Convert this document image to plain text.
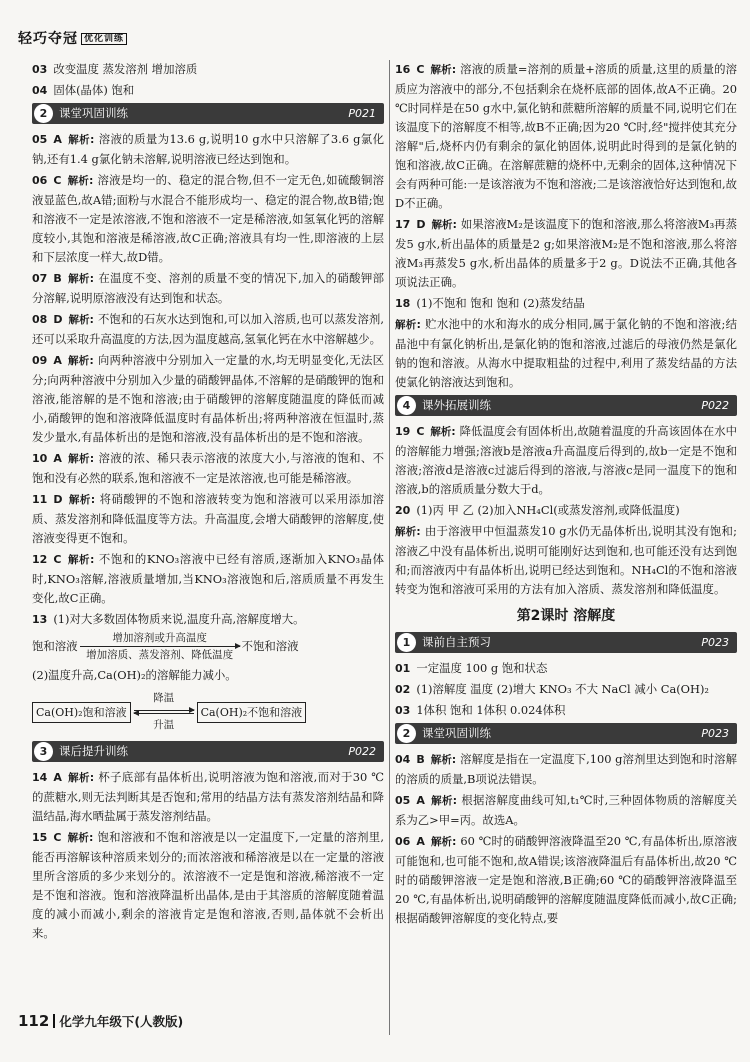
轻巧夺冠 $^{优化训练}$

03 改变温度 蒸发溶剂 增加溶质

04 固体(晶体) 饱和

2	课堂巩固训练	P021

05 A 解析: 溶液的质量为13.6 g,说明10 g水中只溶解了3.6 g氯化钠,还有1.4 g氯化钠未溶解,说明溶液已经达到饱和。

06 C 解析: 溶液是均一的、稳定的混合物,但不一定无色,如硫酸铜溶液显蓝色,故A错;面粉与水混合不能形成均一、稳定的混合物,故B错;饱和溶液不一定是浓溶液,不饱和溶液不一定是稀溶液,如氢氧化钙的溶解度较小,其饱和溶液是稀溶液,故C正确;溶液具有均一性,即溶液的上层和下层浓度一样大,故D错。

07 B 解析: 在温度不变、溶剂的质量不变的情况下,加入的硝酸钾部分溶解,说明原溶液没有达到饱和状态。

08 D 解析: 不饱和的石灰水达到饱和,可以加入溶质,也可以蒸发溶剂,还可以采取升高温度的方法,因为温度越高,氢氧化钙在水中溶解越少。

09 A 解析: 向两种溶液中分别加入一定量的水,均无明显变化,无法区分;向两种溶液中分别加入少量的硝酸钾晶体,不溶解的是硝酸钾的饱和溶液,能溶解的是不饱和溶液;由于硝酸钾的溶解度随温度的降低而减小,硝酸钾的饱和溶液降低温度时有晶体析出;将两种溶液在恒温时,蒸发少量水,有晶体析出的是饱和溶液,没有晶体析出的是不饱和溶液。

10 A 解析: 溶液的浓、稀只表示溶液的浓度大小,与溶液的饱和、不饱和没有必然的联系,饱和溶液不一定是浓溶液,也可能是稀溶液。

11 D 解析: 将硝酸钾的不饱和溶液转变为饱和溶液可以采用添加溶质、蒸发溶剂和降低温度等方法。升高温度,会增大硝酸钾的溶解度,使溶液变得更不饱和。

12 C 解析: 不饱和的KNO₃溶液中已经有溶质,逐渐加入KNO₃晶体时,KNO₃溶解,溶液质量增加,当KNO₃溶液饱和后,溶质质量不再发生变化,故C正确。

13 (1)对大多数固体物质来说,温度升高,溶解度增大。

饱和溶液
增加溶剂或升高温度
增加溶质、蒸发溶剂、降低温度
不饱和溶液

(2)温度升高,Ca(OH)₂的溶解能力减小。

Ca(OH)₂饱和溶液
降温
升温
Ca(OH)₂不饱和溶液
3	课后提升训练	P022

14 A 解析: 杯子底部有晶体析出,说明溶液为饱和溶液,而对于30 ℃的蔗糖水,则无法判断其是否饱和;常用的结晶方法有蒸发溶剂结晶和降温结晶,海水晒盐属于蒸发溶剂结晶。

15 C 解析: 饱和溶液和不饱和溶液是以一定温度下,一定量的溶剂里,能否再溶解该种溶质来划分的;而浓溶液和稀溶液是以在一定量的溶液里所含溶质的多少来划分的。浓溶液不一定是饱和溶液,稀溶液不一定是不饱和溶液。饱和溶液降温析出晶体,是由于其溶质的溶解度随着温度的减小而减小,剩余的溶液肯定是饱和溶液,否则,晶体就不会析出来。

16 C 解析: 溶液的质量=溶剂的质量+溶质的质量,这里的质量的溶质应为溶液中的部分,不包括剩余在烧杯底部的固体,故A不正确。20 ℃时同样是在50 g水中,氯化钠和蔗糖所溶解的质量不同,说明它们在该温度下的溶解度不相等,故B不正确;因为20 ℃时,经"搅拌使其充分溶解"后,烧杯内仍有剩余的氯化钠固体,说明此时得到的是氯化钠的饱和溶液,故C正确。在溶解蔗糖的烧杯中,无剩余的固体,这种情况下会有两种可能:一是该溶液为不饱和溶液;二是该溶液恰好达到饱和,故D不正确。

17 D 解析: 如果溶液M₂是该温度下的饱和溶液,那么将溶液M₃再蒸发5 g水,析出晶体的质量是2 g;如果溶液M₂是不饱和溶液,那么将溶液M₃再蒸发5 g水,析出晶体的质量多于2 g。D说法不正确,其他各项说法正确。

18 (1)不饱和 饱和 饱和 (2)蒸发结晶

解析: 贮水池中的水和海水的成分相同,属于氯化钠的不饱和溶液;结晶池中有氯化钠析出,是氯化钠的饱和溶液,过滤后的母液仍然是氯化钠的饱和溶液。从海水中提取粗盐的过程中,利用了蒸发结晶的方法使氯化钠溶液达到饱和。

4	课外拓展训练	P022

19 C 解析: 降低温度会有固体析出,故随着温度的升高该固体在水中的溶解能力增强;溶液b是溶液a升高温度后得到的,故b一定是不饱和溶液;溶液d是溶液c过滤后得到的溶液,与溶液c是同一温度下的饱和溶液,b的溶质质量分数大于d。

20 (1)丙 甲 乙 (2)加入NH₄Cl(或蒸发溶剂,或降低温度)

解析: 由于溶液甲中恒温蒸发10 g水仍无晶体析出,说明其没有饱和;溶液乙中没有晶体析出,说明可能刚好达到饱和,也可能还没有达到饱和;而溶液丙中有晶体析出,说明已经达到饱和。NH₄Cl的不饱和溶液转变为饱和溶液可采用的方法有加入溶质、蒸发溶剂和降低温度。

第2课时 溶解度
1	课前自主预习	P023

01 一定温度 100 g 饱和状态

02 (1)溶解度 温度 (2)增大 KNO₃ 不大 NaCl 减小 Ca(OH)₂

03 1体积 饱和 1体积 0.024体积

2	课堂巩固训练	P023

04 B 解析: 溶解度是指在一定温度下,100 g溶剂里达到饱和时溶解的溶质的质量,B项说法错误。

05 A 解析: 根据溶解度曲线可知,t₁℃时,三种固体物质的溶解度关系为乙>甲=丙。故选A。

06 A 解析: 60 ℃时的硝酸钾溶液降温至20 ℃,有晶体析出,原溶液可能饱和,也可能不饱和,故A错误;该溶液降温后有晶体析出,故20 ℃时的硝酸钾溶液一定是饱和溶液,B正确;60 ℃的硝酸钾溶液降温至20 ℃,有晶体析出,说明硝酸钾的溶解度随温度降低而减小,故C正确;根据硝酸钾溶解度的变化特点,要

112 化学九年级下(人教版)
